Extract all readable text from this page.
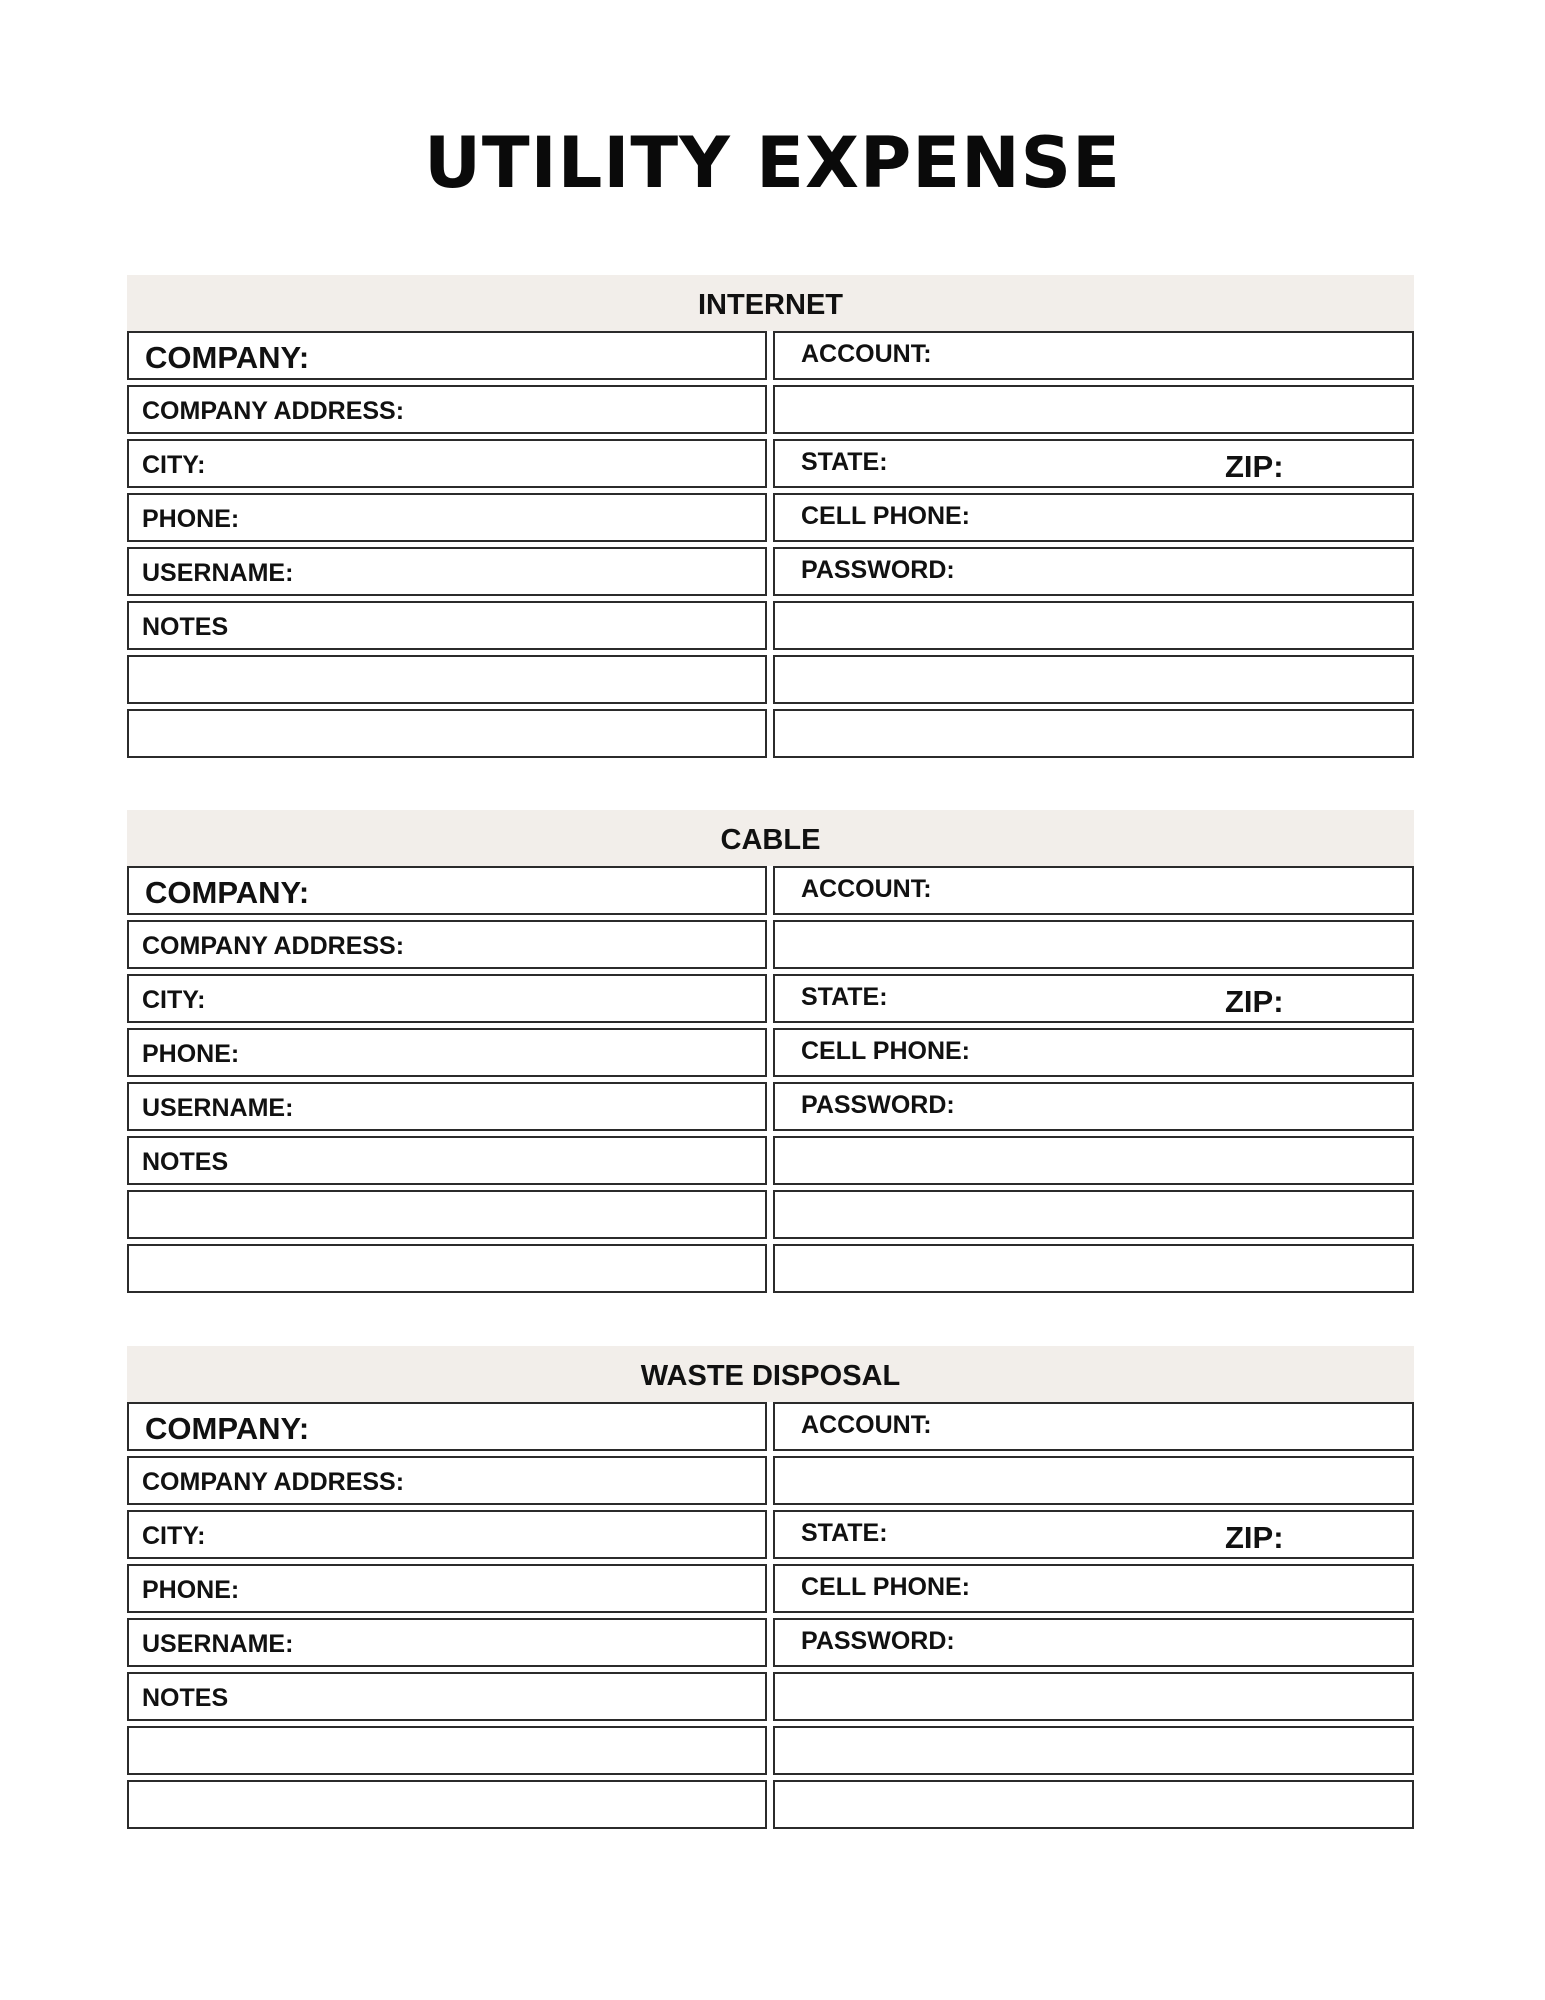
UTILITY EXPENSE
INTERNET
COMPANY:	ACCOUNT:
COMPANY ADDRESS:
CITY:	STATE:	ZIP:
PHONE:	CELL PHONE:
USERNAME:	PASSWORD:
NOTES
CABLE
COMPANY:	ACCOUNT:
COMPANY ADDRESS:
CITY:	STATE:	ZIP:
PHONE:	CELL PHONE:
USERNAME:	PASSWORD:
NOTES
WASTE DISPOSAL
COMPANY:	ACCOUNT:
COMPANY ADDRESS:
CITY:	STATE:	ZIP:
PHONE:	CELL PHONE:
USERNAME:	PASSWORD:
NOTES
